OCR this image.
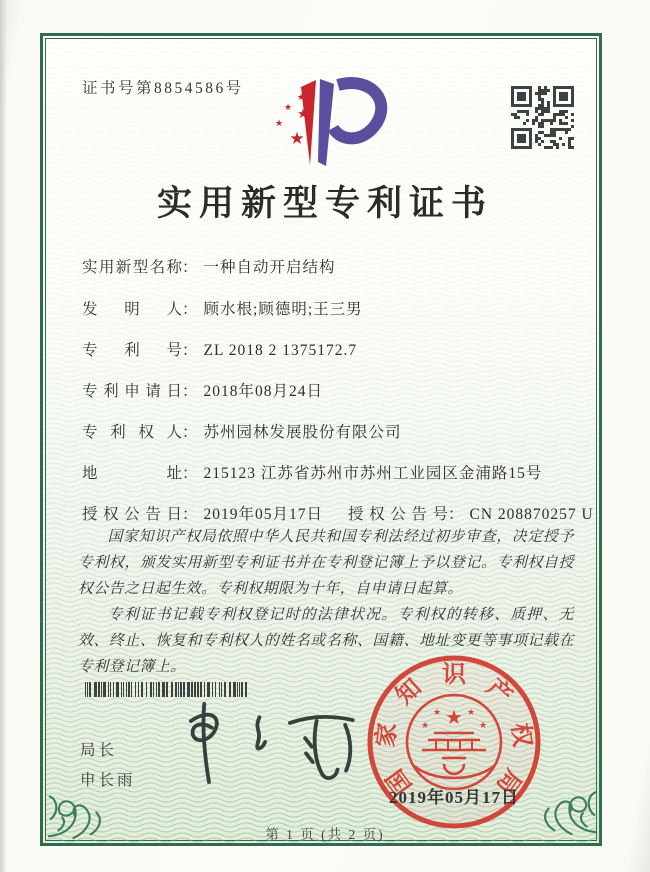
证书号第8854586号
★
★ ★
★
★
实用新型专利证书
实用新型名称： 一种自动开启结构
发明人： 顾水根;顾德明;王三男
专利号： ZL 2018 2 1375172.7
专利申请日： 2018年08月24日
专利权人： 苏州园林发展股份有限公司
地址： 215123 江苏省苏州市苏州工业园区金浦路15号
授权公告日： 2019年05月17日 授权公告号： CN 208870257 U

国家知识产权局依照中华人民共和国专利法经过初步审查，决定授予专利权，颁发实用新型专利证书并在专利登记簿上予以登记。专利权自授权公告之日起生效。专利权期限为十年，自申请日起算。

专利证书记载专利权登记时的法律状况。专利权的转移、质押、无效、终止、恢复和专利权人的姓名或名称、国籍、地址变更等事项记载在专利登记簿上。

局长
申长雨	国
家
知 识 产
权
局
★
★	★
★	★
2019年05月17日
第 1 页 (共 2 页)
